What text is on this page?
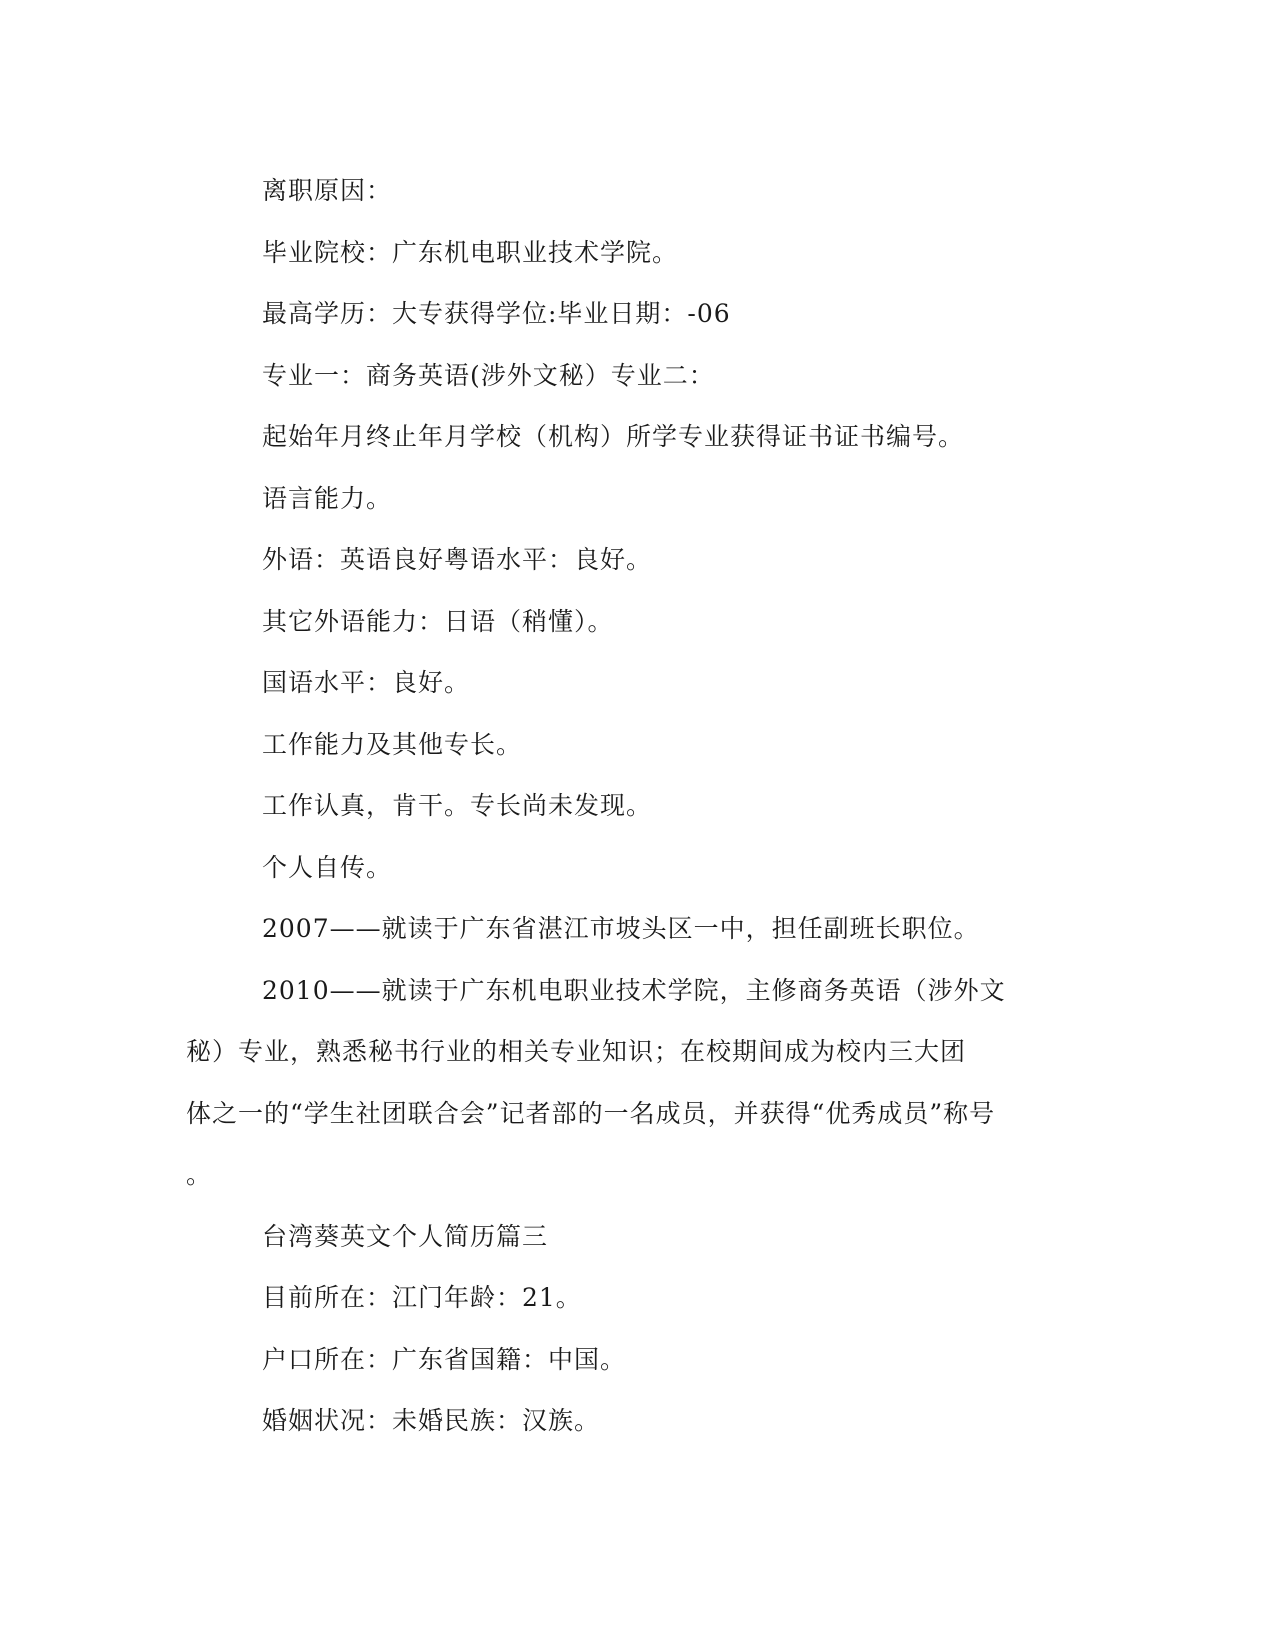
离职原因：

毕业院校：广东机电职业技术学院。

最高学历：大专获得学位:毕业日期：-06

专业一：商务英语(涉外文秘）专业二：

起始年月终止年月学校（机构）所学专业获得证书证书编号。

语言能力。

外语：英语良好粤语水平：良好。

其它外语能力：日语（稍懂）。

国语水平：良好。

工作能力及其他专长。

工作认真，肯干。专长尚未发现。

个人自传。

2007——就读于广东省湛江市坡头区一中，担任副班长职位。

2010——就读于广东机电职业技术学院，主修商务英语（涉外文

秘）专业，熟悉秘书行业的相关专业知识；在校期间成为校内三大团

体之一的“学生社团联合会”记者部的一名成员，并获得“优秀成员”称号

。

台湾葵英文个人简历篇三

目前所在：江门年龄：21。

户口所在：广东省国籍：中国。

婚姻状况：未婚民族：汉族。
